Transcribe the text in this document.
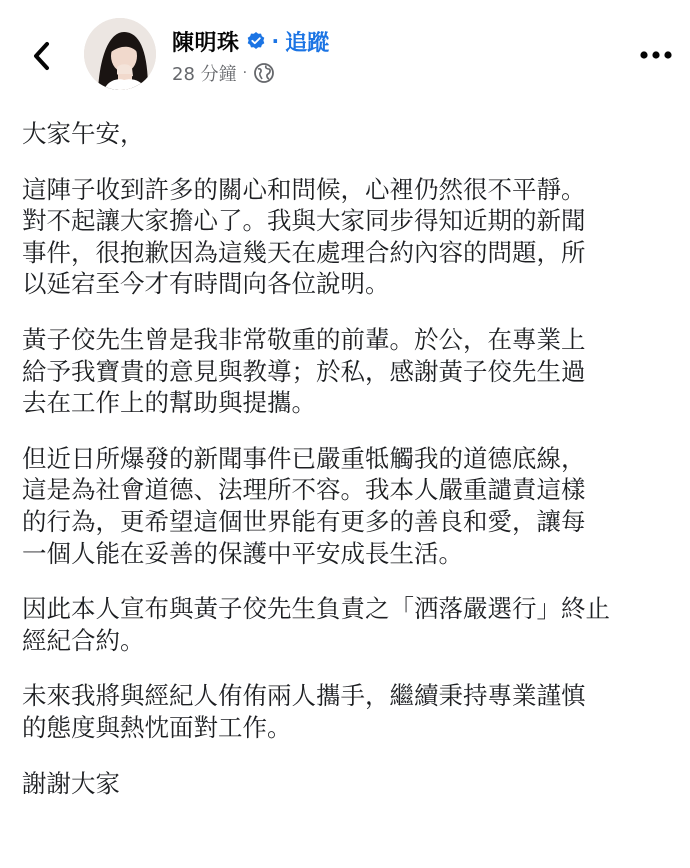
陳明珠 · 追蹤
28 分鐘 ·

大家午安，

這陣子收到許多的關心和問候，心裡仍然很不平靜。
對不起讓大家擔心了。我與大家同步得知近期的新聞
事件，很抱歉因為這幾天在處理合約內容的問題，所
以延宕至今才有時間向各位說明。

黃子佼先生曾是我非常敬重的前輩。於公，在專業上
給予我寶貴的意見與教導；於私，感謝黃子佼先生過
去在工作上的幫助與提攜。

但近日所爆發的新聞事件已嚴重牴觸我的道德底線，
這是為社會道德、法理所不容。我本人嚴重譴責這樣
的行為，更希望這個世界能有更多的善良和愛，讓每
一個人能在妥善的保護中平安成長生活。

因此本人宣布與黃子佼先生負責之「洒落嚴選行」終止
經紀合約。

未來我將與經紀人侑侑兩人攜手，繼續秉持專業謹慎
的態度與熱忱面對工作。

謝謝大家
